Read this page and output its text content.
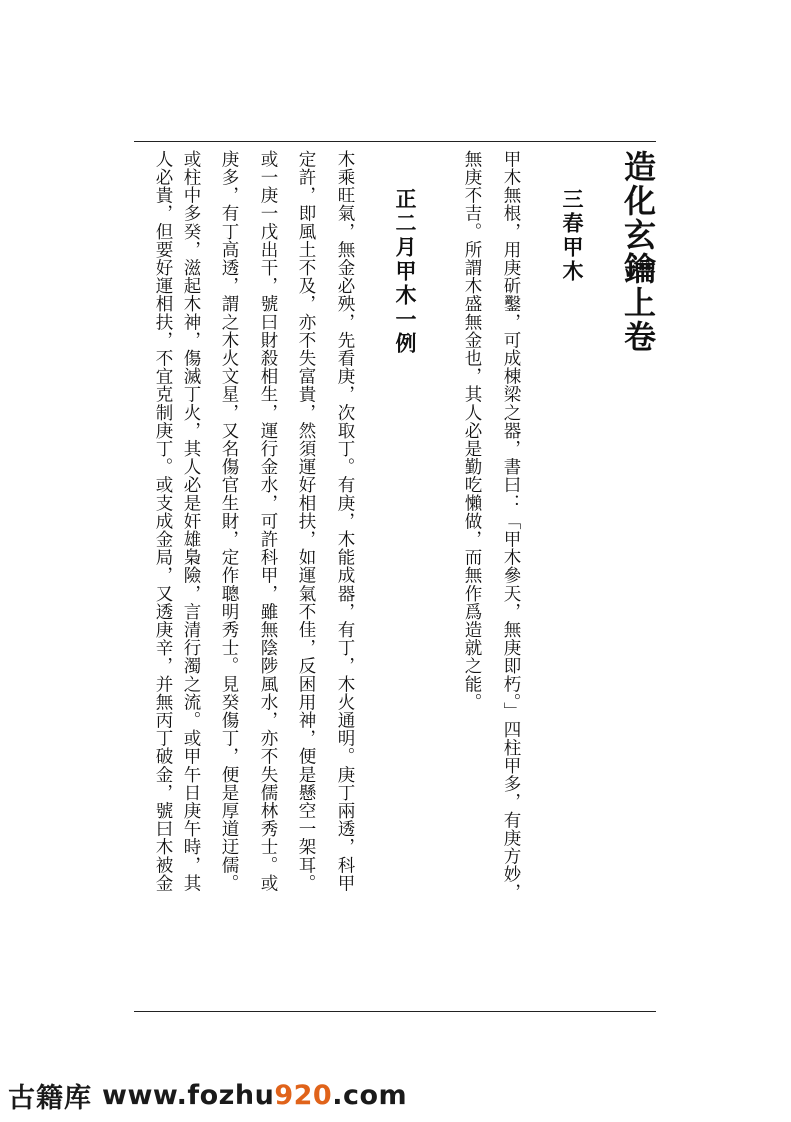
造化玄鑰上卷
三春甲木
甲木無根，用庚斫鑿，可成棟梁之器，書曰：「甲木參天，無庚即朽。」四柱甲多，有庚方妙，
無庚不吉。所謂木盛無金也，其人必是勤吃懶做，而無作爲造就之能。
正二月甲木一例
木乘旺氣，無金必殃，先看庚，次取丁。有庚，木能成器，有丁，木火通明。庚丁兩透，科甲
定許，即風土不及，亦不失富貴，然須運好相扶，如運氣不佳，反困用神，便是懸空一架耳。
或一庚一戊出干，號曰財殺相生，運行金水，可許科甲，雖無陰陟風水，亦不失儒林秀士。或
庚多，有丁高透，謂之木火文星，又名傷官生財，定作聰明秀士。見癸傷丁，便是厚道迂儒。
或柱中多癸，滋起木神，傷滅丁火，其人必是奸雄梟險，言清行濁之流。或甲午日庚午時，其
人必貴，但要好運相扶，不宜克制庚丁。或支成金局，又透庚辛，并無丙丁破金，號曰木被金
古籍库 www.fozhu920.com
